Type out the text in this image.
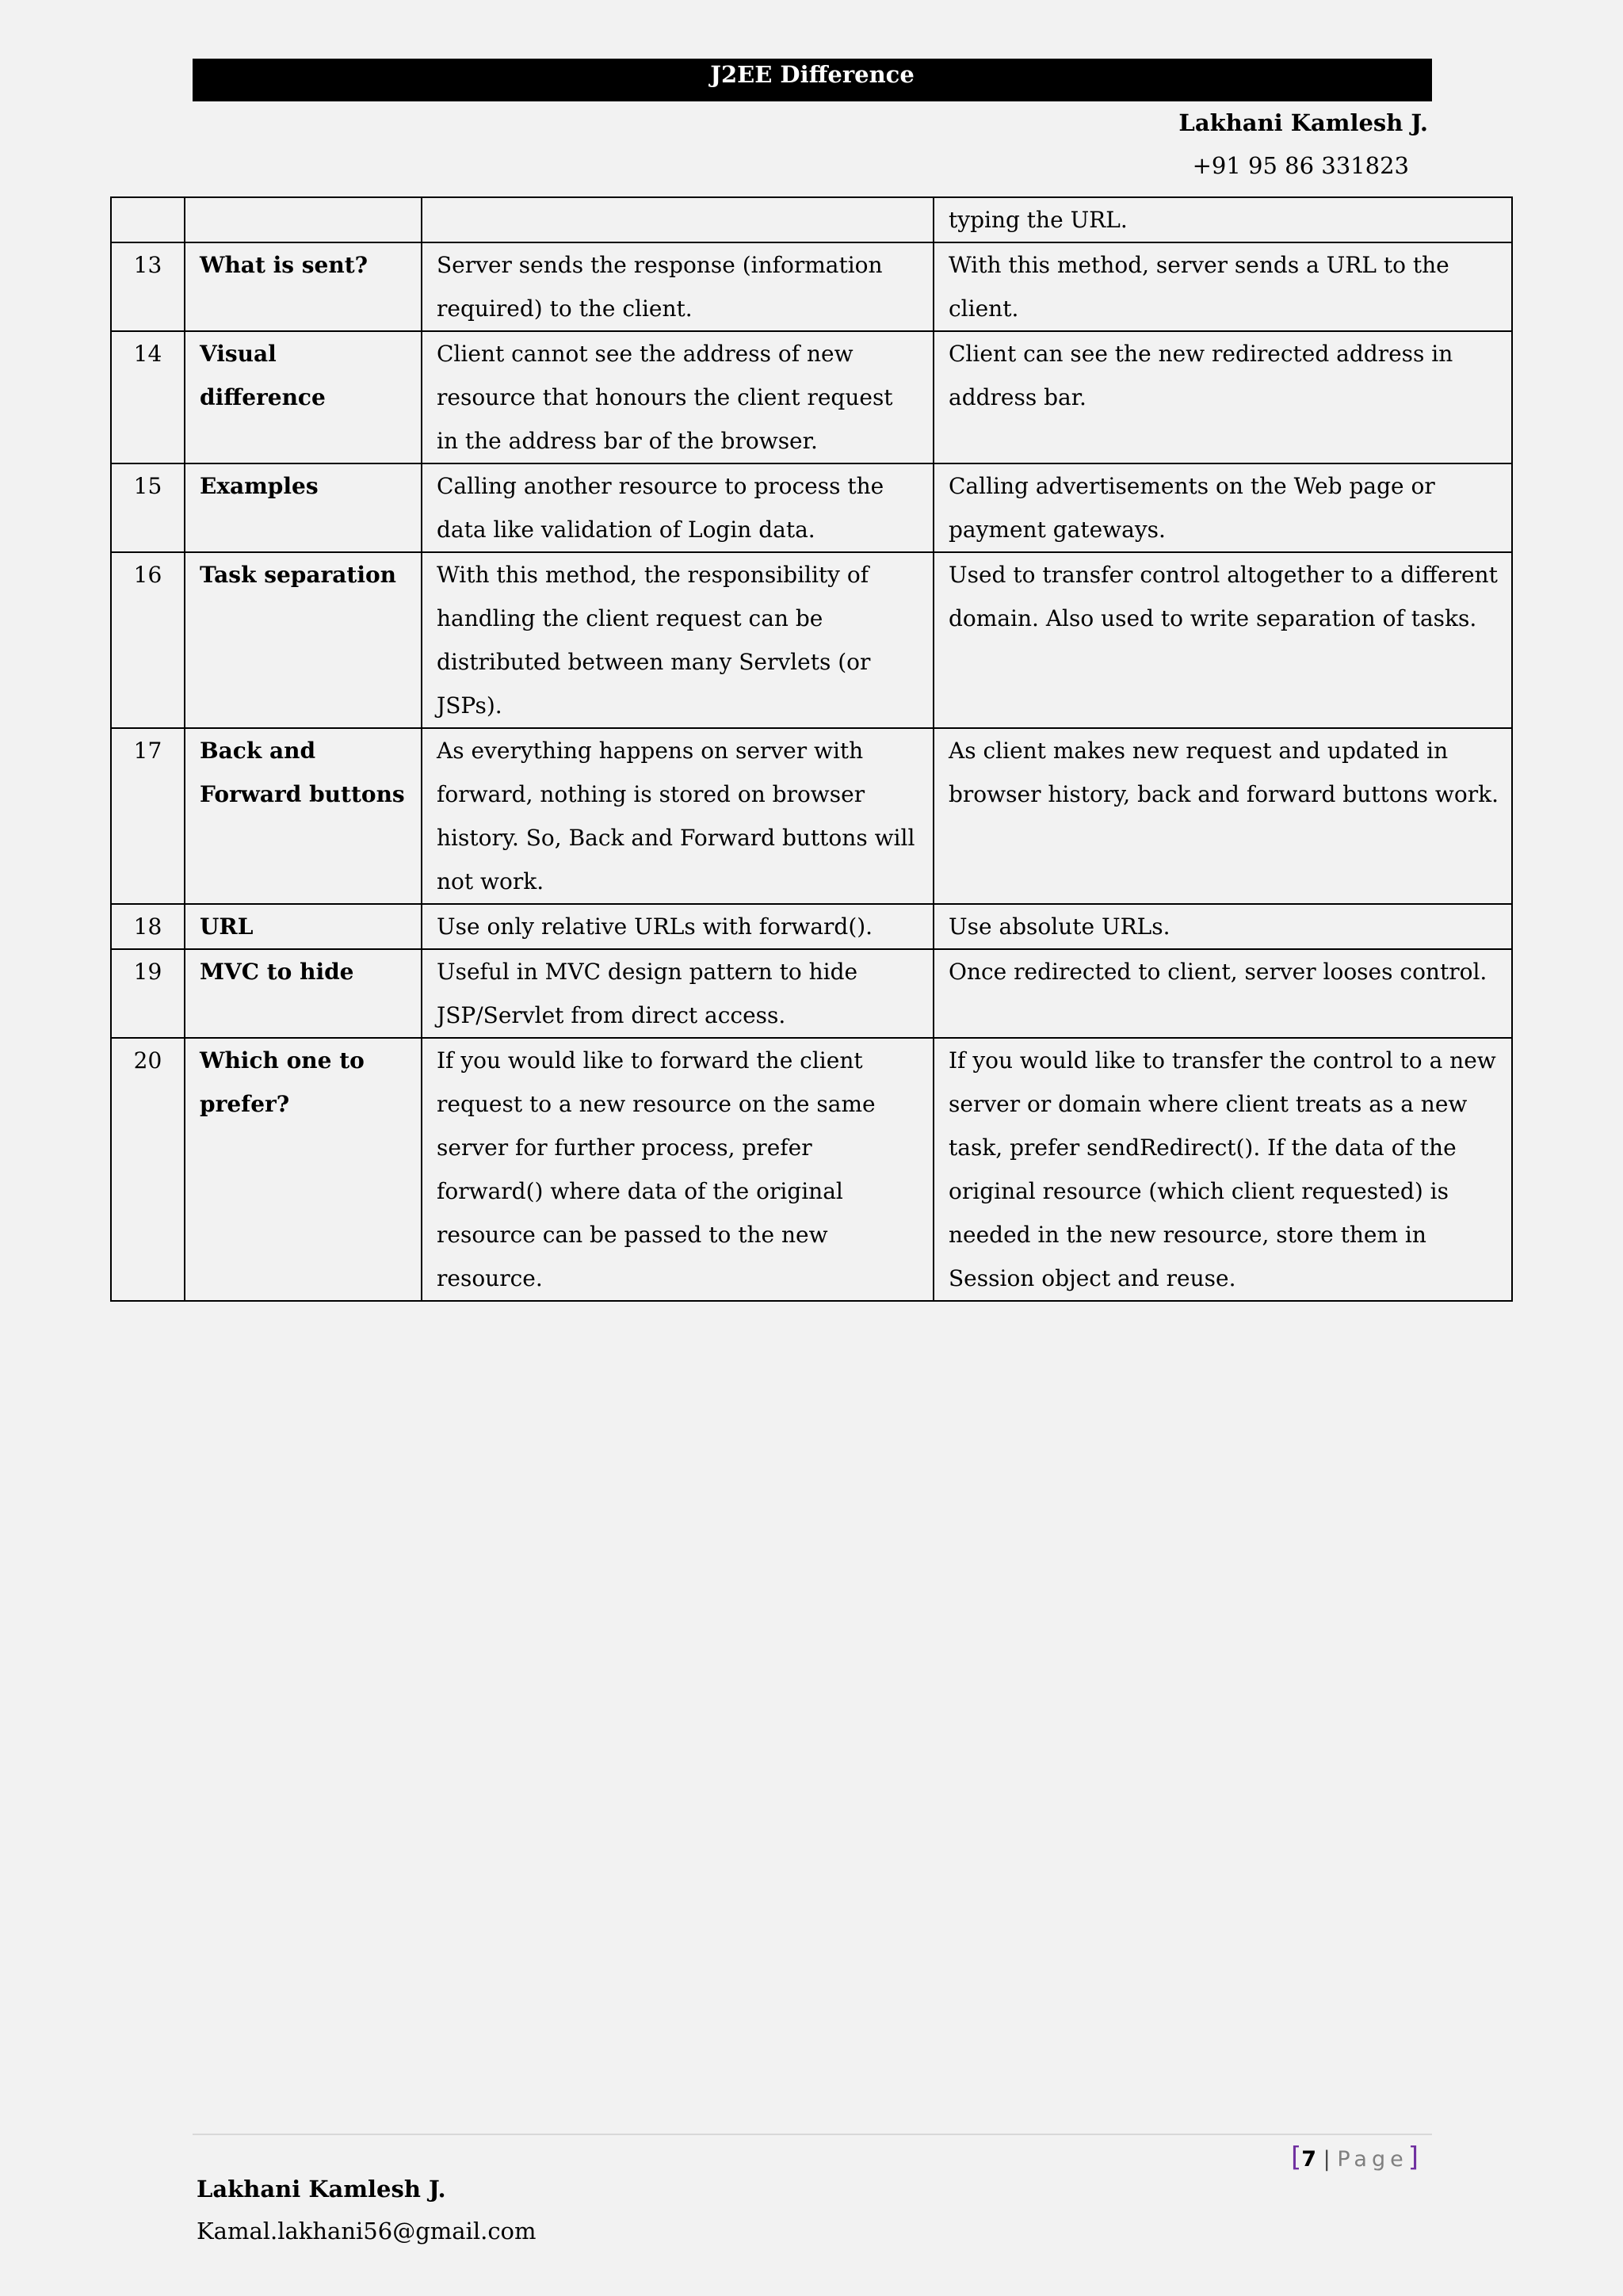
J2EE Difference
Lakhani Kamlesh J.
+91 95 86 331823
			typing the URL.
13	What is sent?	Server sends the response (information required) to the client.	With this method, server sends a URL to the client.
14	Visual difference	Client cannot see the address of new resource that honours the client request in the address bar of the browser.	Client can see the new redirected address in address bar.
15	Examples	Calling another resource to process the data like validation of Login data.	Calling advertisements on the Web page or payment gateways.
16	Task separation	With this method, the responsibility of handling the client request can be distributed between many Servlets (or JSPs).	Used to transfer control altogether to a different domain. Also used to write separation of tasks.
17	Back and Forward buttons	As everything happens on server with forward, nothing is stored on browser history. So, Back and Forward buttons will not work.	As client makes new request and updated in browser history, back and forward buttons work.
18	URL	Use only relative URLs with forward().	Use absolute URLs.
19	MVC to hide	Useful in MVC design pattern to hide JSP/Servlet from direct access.	Once redirected to client, server looses control.
20	Which one to prefer?	If you would like to forward the client request to a new resource on the same server for further process, prefer forward() where data of the original resource can be passed to the new resource.	If you would like to transfer the control to a new server or domain where client treats as a new task, prefer sendRedirect(). If the data of the original resource (which client requested) is needed in the new resource, store them in Session object and reuse.
[7 | Page]
Lakhani Kamlesh J.
Kamal.lakhani56@gmail.com
